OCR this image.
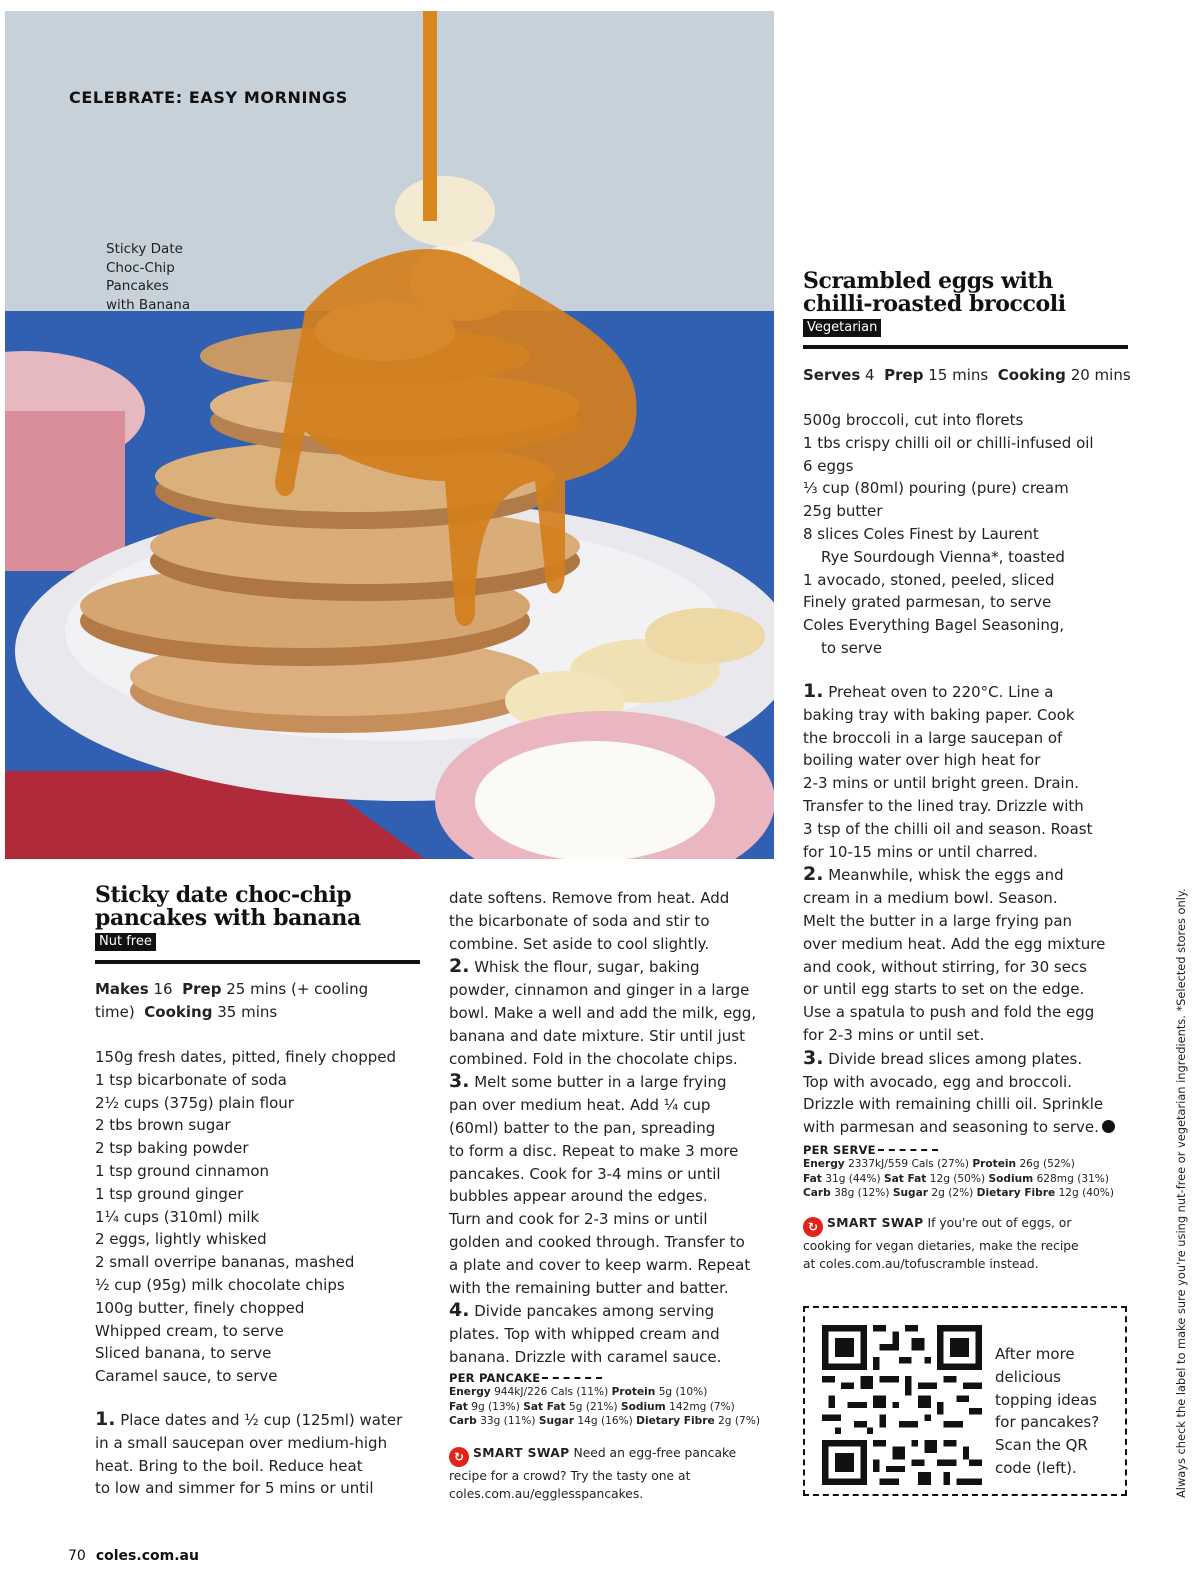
CELEBRATE: EASY MORNINGS
Sticky Date
Choc-Chip
Pancakes
with Banana
Sticky date choc-chip
pancakes with banana
Nut free
Makes 16 Prep 25 mins (+ cooling
time) Cooking 35 mins
150g fresh dates, pitted, finely chopped
1 tsp bicarbonate of soda
2½ cups (375g) plain flour
2 tbs brown sugar
2 tsp baking powder
1 tsp ground cinnamon
1 tsp ground ginger
1¼ cups (310ml) milk
2 eggs, lightly whisked
2 small overripe bananas, mashed
½ cup (95g) milk chocolate chips
100g butter, finely chopped
Whipped cream, to serve
Sliced banana, to serve
Caramel sauce, to serve
1. Place dates and ½ cup (125ml) water
in a small saucepan over medium-high
heat. Bring to the boil. Reduce heat
to low and simmer for 5 mins or until
date softens. Remove from heat. Add
the bicarbonate of soda and stir to
combine. Set aside to cool slightly.
2. Whisk the flour, sugar, baking
powder, cinnamon and ginger in a large
bowl. Make a well and add the milk, egg,
banana and date mixture. Stir until just
combined. Fold in the chocolate chips.
3. Melt some butter in a large frying
pan over medium heat. Add ¼ cup
(60ml) batter to the pan, spreading
to form a disc. Repeat to make 3 more
pancakes. Cook for 3-4 mins or until
bubbles appear around the edges.
Turn and cook for 2-3 mins or until
golden and cooked through. Transfer to
a plate and cover to keep warm. Repeat
with the remaining butter and batter.
4. Divide pancakes among serving
plates. Top with whipped cream and
banana. Drizzle with caramel sauce.
PER PANCAKE
Energy 944kJ/226 Cals (11%) Protein 5g (10%)
Fat 9g (13%) Sat Fat 5g (21%) Sodium 142mg (7%)
Carb 33g (11%) Sugar 14g (16%) Dietary Fibre 2g (7%)
↻ SMART SWAP Need an egg-free pancake
recipe for a crowd? Try the tasty one at
coles.com.au/egglesspancakes.
Scrambled eggs with
chilli-roasted broccoli
Vegetarian
Serves 4 Prep 15 mins Cooking 20 mins
500g broccoli, cut into florets
1 tbs crispy chilli oil or chilli-infused oil
6 eggs
⅓ cup (80ml) pouring (pure) cream
25g butter
8 slices Coles Finest by Laurent
Rye Sourdough Vienna*, toasted
1 avocado, stoned, peeled, sliced
Finely grated parmesan, to serve
Coles Everything Bagel Seasoning,
to serve
1. Preheat oven to 220°C. Line a
baking tray with baking paper. Cook
the broccoli in a large saucepan of
boiling water over high heat for
2-3 mins or until bright green. Drain.
Transfer to the lined tray. Drizzle with
3 tsp of the chilli oil and season. Roast
for 10-15 mins or until charred.
2. Meanwhile, whisk the eggs and
cream in a medium bowl. Season.
Melt the butter in a large frying pan
over medium heat. Add the egg mixture
and cook, without stirring, for 30 secs
or until egg starts to set on the edge.
Use a spatula to push and fold the egg
for 2-3 mins or until set.
3. Divide bread slices among plates.
Top with avocado, egg and broccoli.
Drizzle with remaining chilli oil. Sprinkle
with parmesan and seasoning to serve.
PER SERVE
Energy 2337kJ/559 Cals (27%) Protein 26g (52%)
Fat 31g (44%) Sat Fat 12g (50%) Sodium 628mg (31%)
Carb 38g (12%) Sugar 2g (2%) Dietary Fibre 12g (40%)
↻ SMART SWAP If you're out of eggs, or
cooking for vegan dietaries, make the recipe
at coles.com.au/tofuscramble instead.
After more
delicious
topping ideas
for pancakes?
Scan the QR
code (left).	Always check the label to make sure you're using nut-free or vegetarian ingredients. *Selected stores only.
70 coles.com.au
